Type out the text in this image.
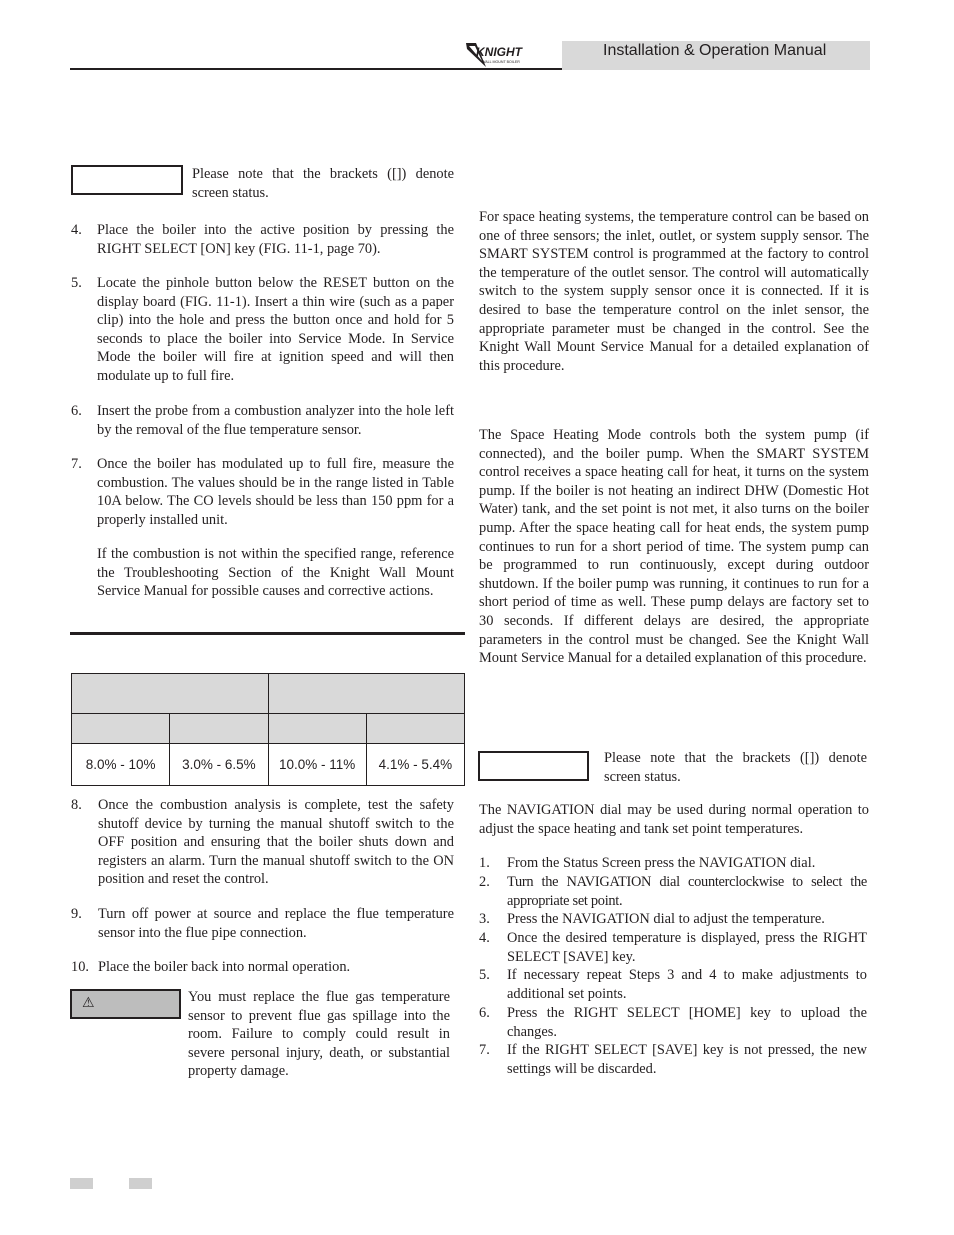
KNIGHT
WALL MOUNT BOILER
Installation & Operation Manual

Please note that the brackets ([]) denote screen status.

4. Place the boiler into the active position by pressing the RIGHT SELECT [ON] key (FIG. 11-1, page 70).
5. Locate the pinhole button below the RESET button on the display board (FIG. 11-1). Insert a thin wire (such as a paper clip) into the hole and press the button once and hold for 5 seconds to place the boiler into Service Mode. In Service Mode the boiler will fire at ignition speed and will then modulate up to full fire.
6. Insert the probe from a combustion analyzer into the hole left by the removal of the flue temperature sensor.
7. Once the boiler has modulated up to full fire, measure the combustion. The values should be in the range listed in Table 10A below. The CO levels should be less than 150 ppm for a properly installed unit.

If the combustion is not within the specified range, reference the Troubleshooting Section of the Knight Wall Mount Service Manual for possible causes and corrective actions.

8.0% - 10%	3.0% - 6.5%	10.0% - 11%	4.1% - 5.4%
8. Once the combustion analysis is complete, test the safety shutoff device by turning the manual shutoff switch to the OFF position and ensuring that the boiler shuts down and registers an alarm. Turn the manual shutoff switch to the ON position and reset the control.
9. Turn off power at source and replace the flue temperature sensor into the flue pipe connection.
10. Place the boiler back into normal operation.
⚠	You must replace the flue gas temperature sensor to prevent flue gas spillage into the room. Failure to comply could result in severe personal injury, death, or substantial property damage.

For space heating systems, the temperature control can be based on one of three sensors; the inlet, outlet, or system supply sensor. The SMART SYSTEM control is programmed at the factory to control the temperature of the outlet sensor. The control will automatically switch to the system supply sensor once it is connected. If it is desired to base the temperature control on the inlet sensor, the appropriate parameter must be changed in the control. See the Knight Wall Mount Service Manual for a detailed explanation of this procedure.

The Space Heating Mode controls both the system pump (if connected), and the boiler pump. When the SMART SYSTEM control receives a space heating call for heat, it turns on the system pump. If the boiler is not heating an indirect DHW (Domestic Hot Water) tank, and the set point is not met, it also turns on the boiler pump. After the space heating call for heat ends, the system pump continues to run for a short period of time. The system pump can be programmed to run continuously, except during outdoor shutdown. If the boiler pump was running, it continues to run for a short period of time as well. These pump delays are factory set to 30 seconds. If different delays are desired, the appropriate parameters in the control must be changed. See the Knight Wall Mount Service Manual for a detailed explanation of this procedure.

Please note that the brackets ([]) denote screen status.

The NAVIGATION dial may be used during normal operation to adjust the space heating and tank set point temperatures.

1. From the Status Screen press the NAVIGATION dial.
2. Turn the NAVIGATION dial counterclockwise to select the appropriate set point.
3. Press the NAVIGATION dial to adjust the temperature.
4. Once the desired temperature is displayed, press the RIGHT SELECT [SAVE] key.
5. If necessary repeat Steps 3 and 4 to make adjustments to additional set points.
6. Press the RIGHT SELECT [HOME] key to upload the changes.
7. If the RIGHT SELECT [SAVE] key is not pressed, the new settings will be discarded.
